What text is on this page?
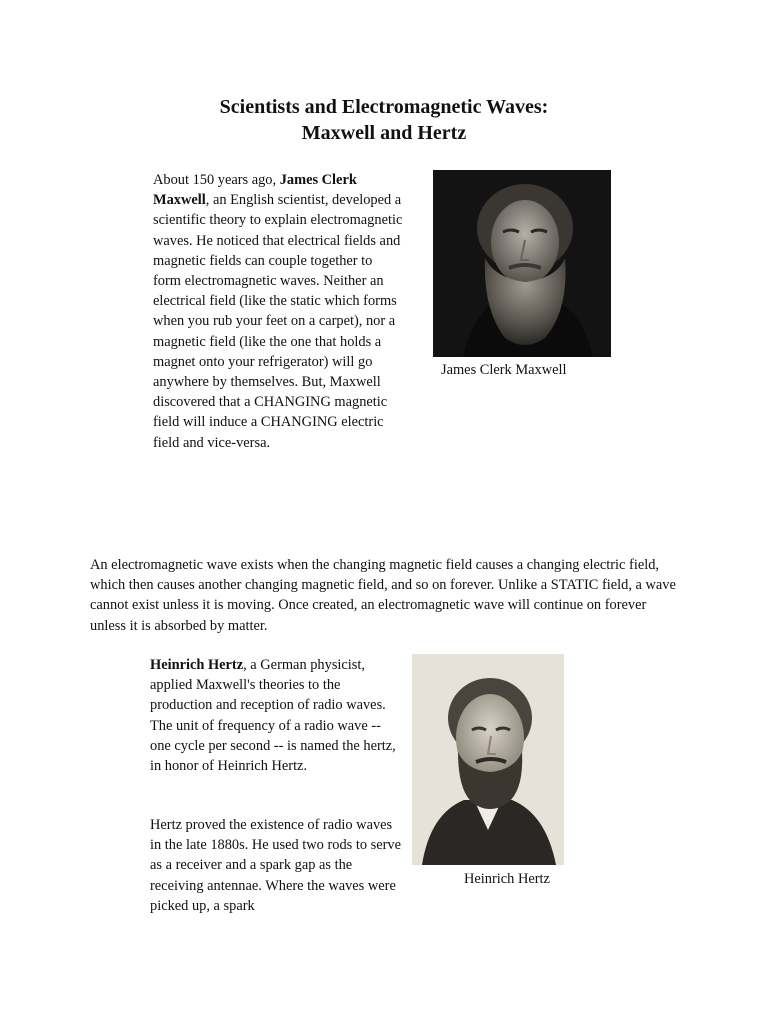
Scientists and Electromagnetic Waves:
Maxwell and Hertz

About 150 years ago, James Clerk Maxwell, an English scientist, developed a scientific theory to explain electromagnetic waves. He noticed that electrical fields and magnetic fields can couple together to form electromagnetic waves. Neither an electrical field (like the static which forms when you rub your feet on a carpet), nor a magnetic field (like the one that holds a magnet onto your refrigerator) will go anywhere by themselves. But, Maxwell discovered that a CHANGING magnetic field will induce a CHANGING electric field and vice-versa.

James Clerk Maxwell

An electromagnetic wave exists when the changing magnetic field causes a changing electric field, which then causes another changing magnetic field, and so on forever. Unlike a STATIC field, a wave cannot exist unless it is moving. Once created, an electromagnetic wave will continue on forever unless it is absorbed by matter.

Heinrich Hertz, a German physicist, applied Maxwell's theories to the production and reception of radio waves. The unit of frequency of a radio wave -- one cycle per second -- is named the hertz, in honor of Heinrich Hertz.

Hertz proved the existence of radio waves in the late 1880s. He used two rods to serve as a receiver and a spark gap as the receiving antennae. Where the waves were picked up, a spark

Heinrich Hertz
